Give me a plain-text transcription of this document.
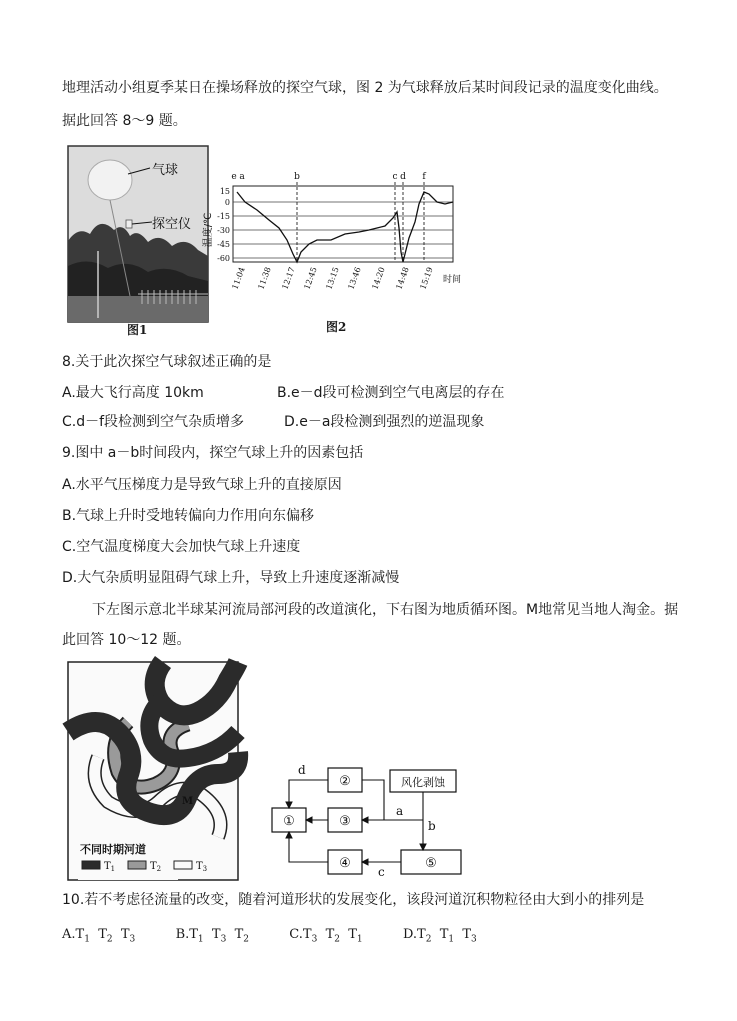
地理活动小组夏季某日在操场释放的探空气球，图 2 为气球释放后某时间段记录的温度变化曲线。
据此回答 8～9 题。
气球
探空仪
图1
温度/℃
15
0
-15
-30
-45
-60
e a	b	c d f
11:04 11:38 12:17 12:45 13:15 13:46 14:20 14:48 15:19 时间
图2
8.关于此次探空气球叙述正确的是
A.最大飞行高度 10km	B.e－d段可检测到空气电离层的存在
C.d－f段检测到空气杂质增多	D.e－a段检测到强烈的逆温现象
9.图中 a－b时间段内，探空气球上升的因素包括
A.水平气压梯度力是导致气球上升的直接原因
B.气球上升时受地转偏向力作用向东偏移
C.空气温度梯度大会加快气球上升速度
D.大气杂质明显阻碍气球上升，导致上升速度逐渐减慢
下左图示意北半球某河流局部河段的改道演化，下右图为地质循环图。M地常见当地人淘金。据
此回答 10～12 题。
M
不同时期河道
$T_1$	$T_2$	$T_3$
①
②
③
④	⑤
风化剥蚀
a
b
c
d
10.若不考虑径流量的改变，随着河道形状的发展变化，该段河道沉积物粒径由大到小的排列是
$A.T_1$  $T_2$  $T_3$	$B.T_1$  $T_3$  $T_2$	$C.T_3$  $T_2$  $T_1$	$D.T_2$  $T_1$  $T_3$
